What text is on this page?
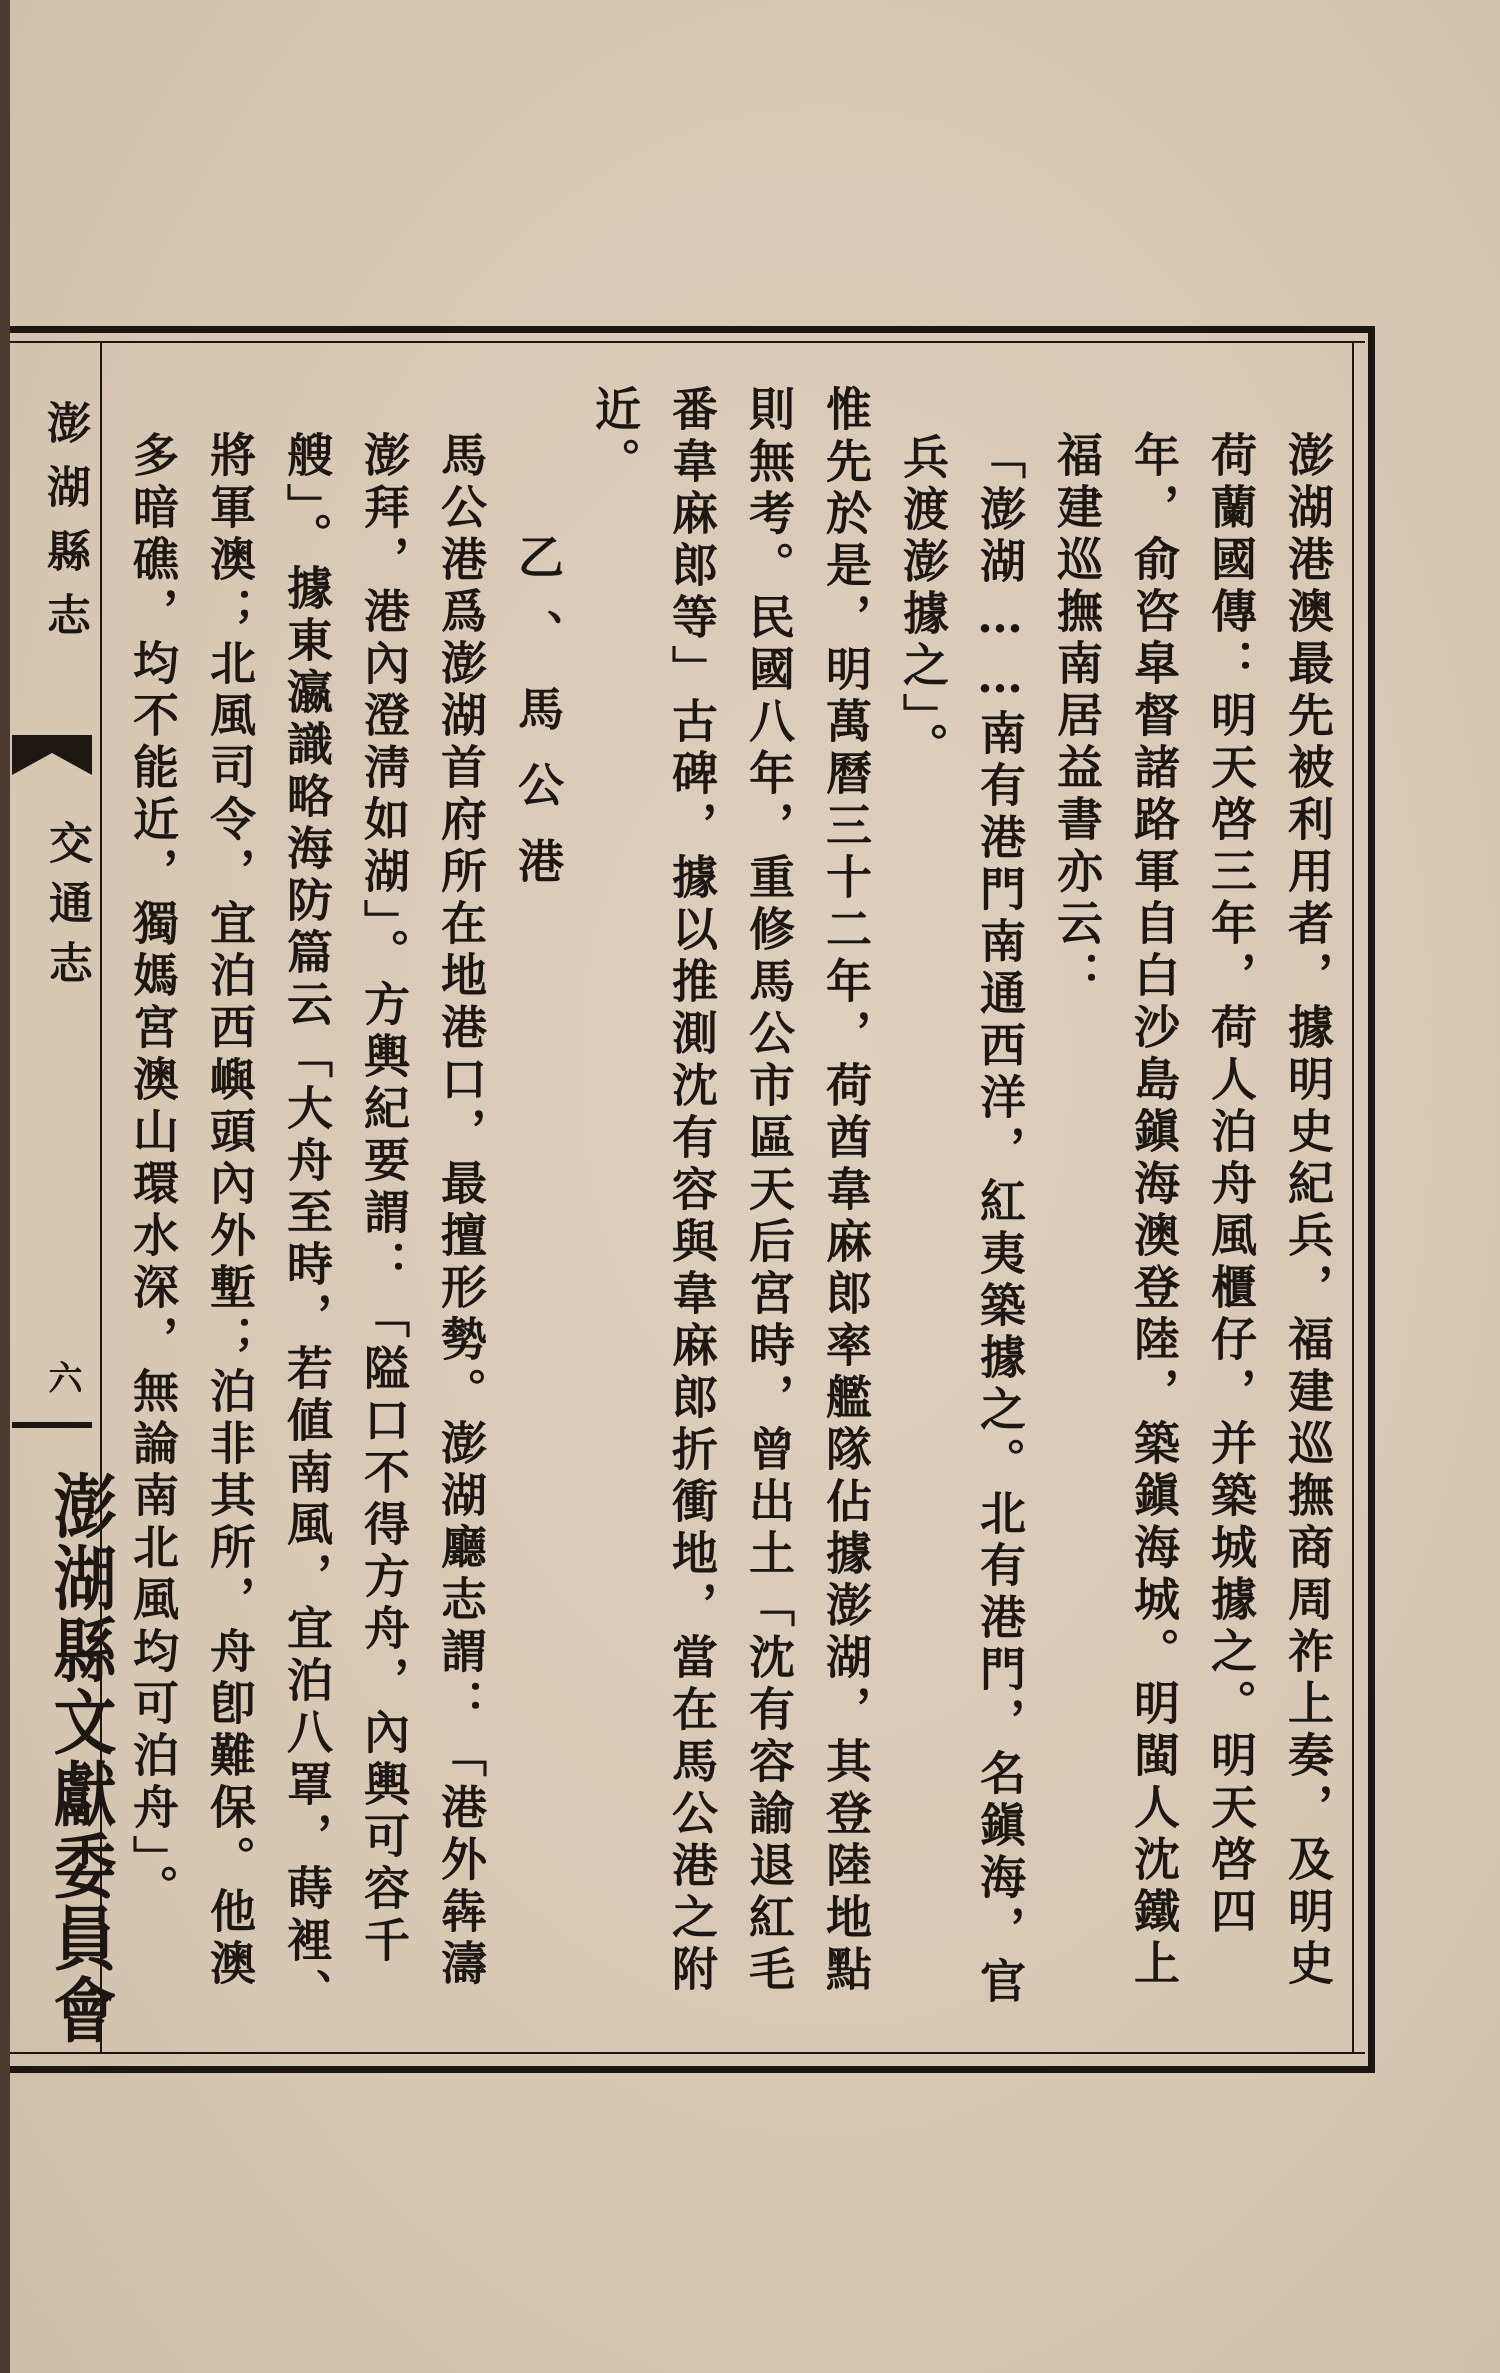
澎湖港澳最先被利用者，據明史紀兵，福建巡撫商周祚上奏，及明史荷蘭國傳：明天啓三年，荷人泊舟風櫃仔，并築城據之。明天啓四年，俞咨皐督諸路軍自白沙島鎭海澳登陸，築鎭海城。明閩人沈鐵上福建巡撫南居益書亦云：

「澎湖……南有港門南通西洋，紅夷築據之。北有港門，名鎭海，官兵渡澎據之」。

惟先於是，明萬曆三十二年，荷酋韋麻郎率艦隊佔據澎湖，其登陸地點則無考。民國八年，重修馬公市區天后宮時，曾出土「沈有容諭退紅毛番韋麻郎等」古碑，據以推測沈有容與韋麻郎折衝地，當在馬公港之附近。

乙、馬公港

馬公港爲澎湖首府所在地港口，最擅形勢。澎湖廳志謂：「港外犇濤澎拜，港內澄淸如湖」。方輿紀要謂：「隘口不得方舟，內輿可容千艘」。據東瀛識略海防篇云「大舟至時，若値南風，宜泊八罩，蒔裡、將軍澳；北風司令，宜泊西嶼頭內外塹；泊非其所，舟卽難保。他澳多暗礁，均不能近，獨媽宮澳山環水深，無論南北風均可泊舟」。

澎湖縣志
交通志
六
澎湖縣文獻委員會
